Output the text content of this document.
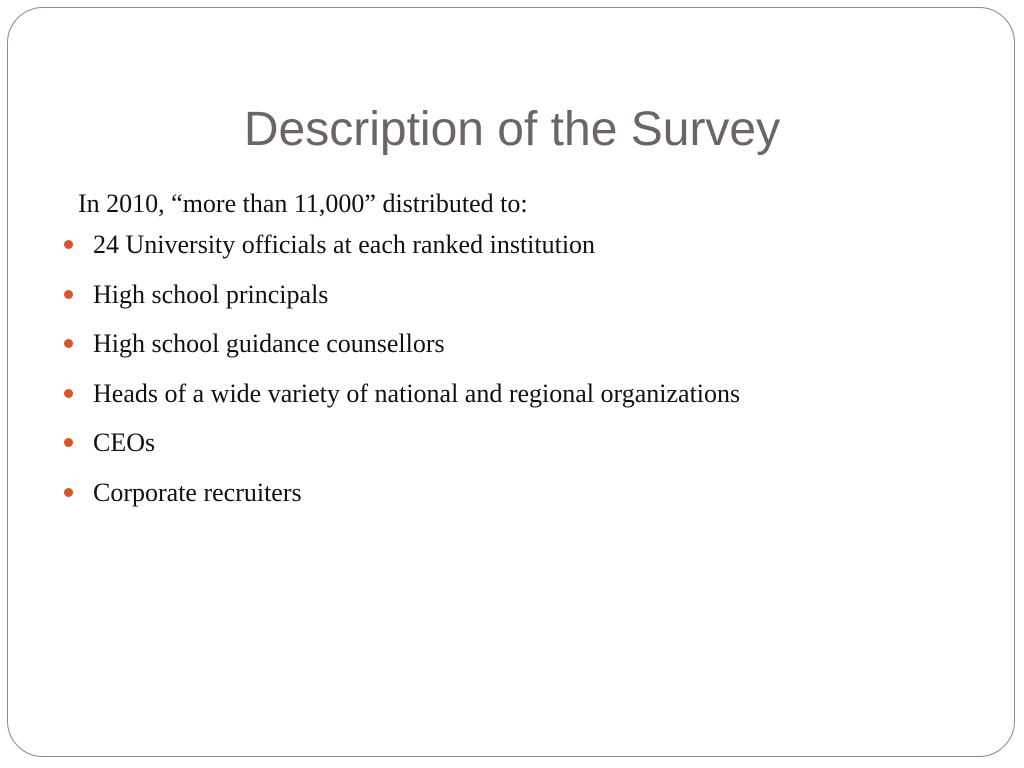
Description of the Survey
In 2010, “more than 11,000” distributed to:
24 University officials at each ranked institution
High school principals
High school guidance counsellors
Heads of a wide variety of national and regional organizations
CEOs
Corporate recruiters
